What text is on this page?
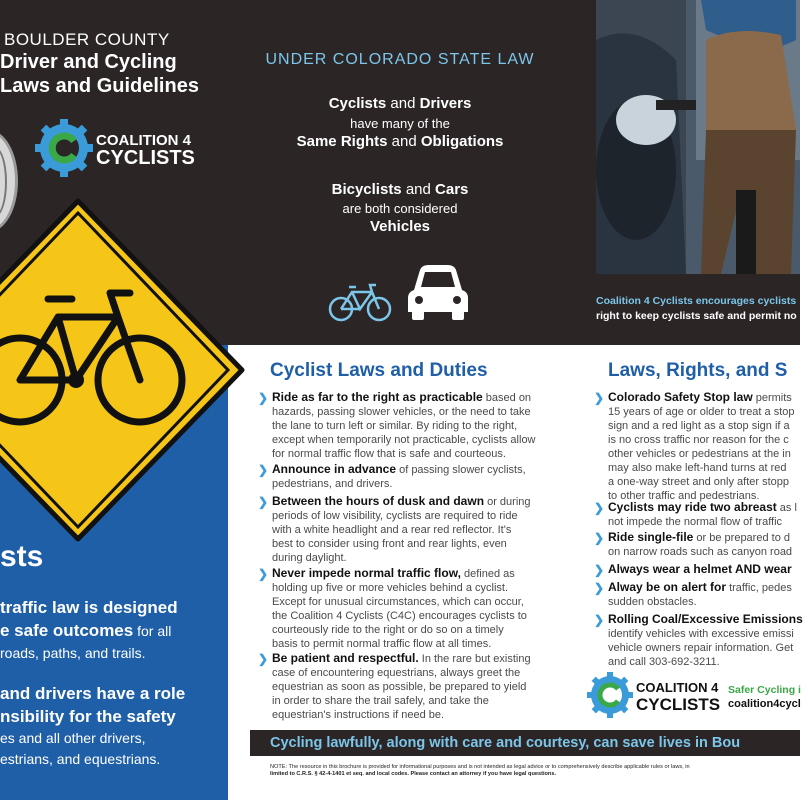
BOULDER COUNTY
Driver and Cycling
Laws and Guidelines
COALITION 4
CYCLISTS
UNDER COLORADO STATE LAW
Cyclists and Drivers
have many of the
Same Rights and Obligations
Bicyclists and Cars
are both considered
Vehicles
Coalition 4 Cyclists encourages cyclists
right to keep cyclists safe and permit no
sts
traffic law is designed
e safe outcomes for all
roads, paths, and trails.
and drivers have a role
nsibility for the safety
es and all other drivers,
estrians, and equestrians.
Cyclist Laws and Duties
❯ Ride as far to the right as practicable based on
hazards, passing slower vehicles, or the need to take
the lane to turn left or similar. By riding to the right,
except when temporarily not practicable, cyclists allow
for normal traffic flow that is safe and courteous.
❯ Announce in advance of passing slower cyclists,
pedestrians, and drivers.
❯ Between the hours of dusk and dawn or during
periods of low visibility, cyclists are required to ride
with a white headlight and a rear red reflector. It's
best to consider using front and rear lights, even
during daylight.
❯ Never impede normal traffic flow, defined as
holding up five or more vehicles behind a cyclist.
Except for unusual circumstances, which can occur,
the Coalition 4 Cyclists (C4C) encourages cyclists to
courteously ride to the right or do so on a timely
basis to permit normal traffic flow at all times.
❯ Be patient and respectful. In the rare but existing
case of encountering equestrians, always greet the
equestrian as soon as possible, be prepared to yield
in order to share the trail safely, and take the
equestrian's instructions if need be.
Laws, Rights, and S
❯ Colorado Safety Stop law permits
15 years of age or older to treat a stop
sign and a red light as a stop sign if a
is no cross traffic nor reason for the c
other vehicles or pedestrians at the in
may also make left-hand turns at red
a one-way street and only after stopp
to other traffic and pedestrians.
❯ Cyclists may ride two abreast as l
not impede the normal flow of traffic
❯ Ride single-file or be prepared to d
on narrow roads such as canyon road
❯ Always wear a helmet AND wear
❯ Alway be on alert for traffic, pedes
sudden obstacles.
❯ Rolling Coal/Excessive Emissions
identify vehicles with excessive emissi
vehicle owners repair information. Get
and call 303-692-3211.
COALITION 4
CYCLISTS
Safer Cycling i
coalition4cycl
Cycling lawfully, along with care and courtesy, can save lives in Bou
NOTE: The resource in this brochure is provided for informational purposes and is not intended as legal advice or to comprehensively describe applicable rules or laws, in
limited to C.R.S. § 42-4-1401 et seq. and local codes. Please contact an attorney if you have legal questions.
